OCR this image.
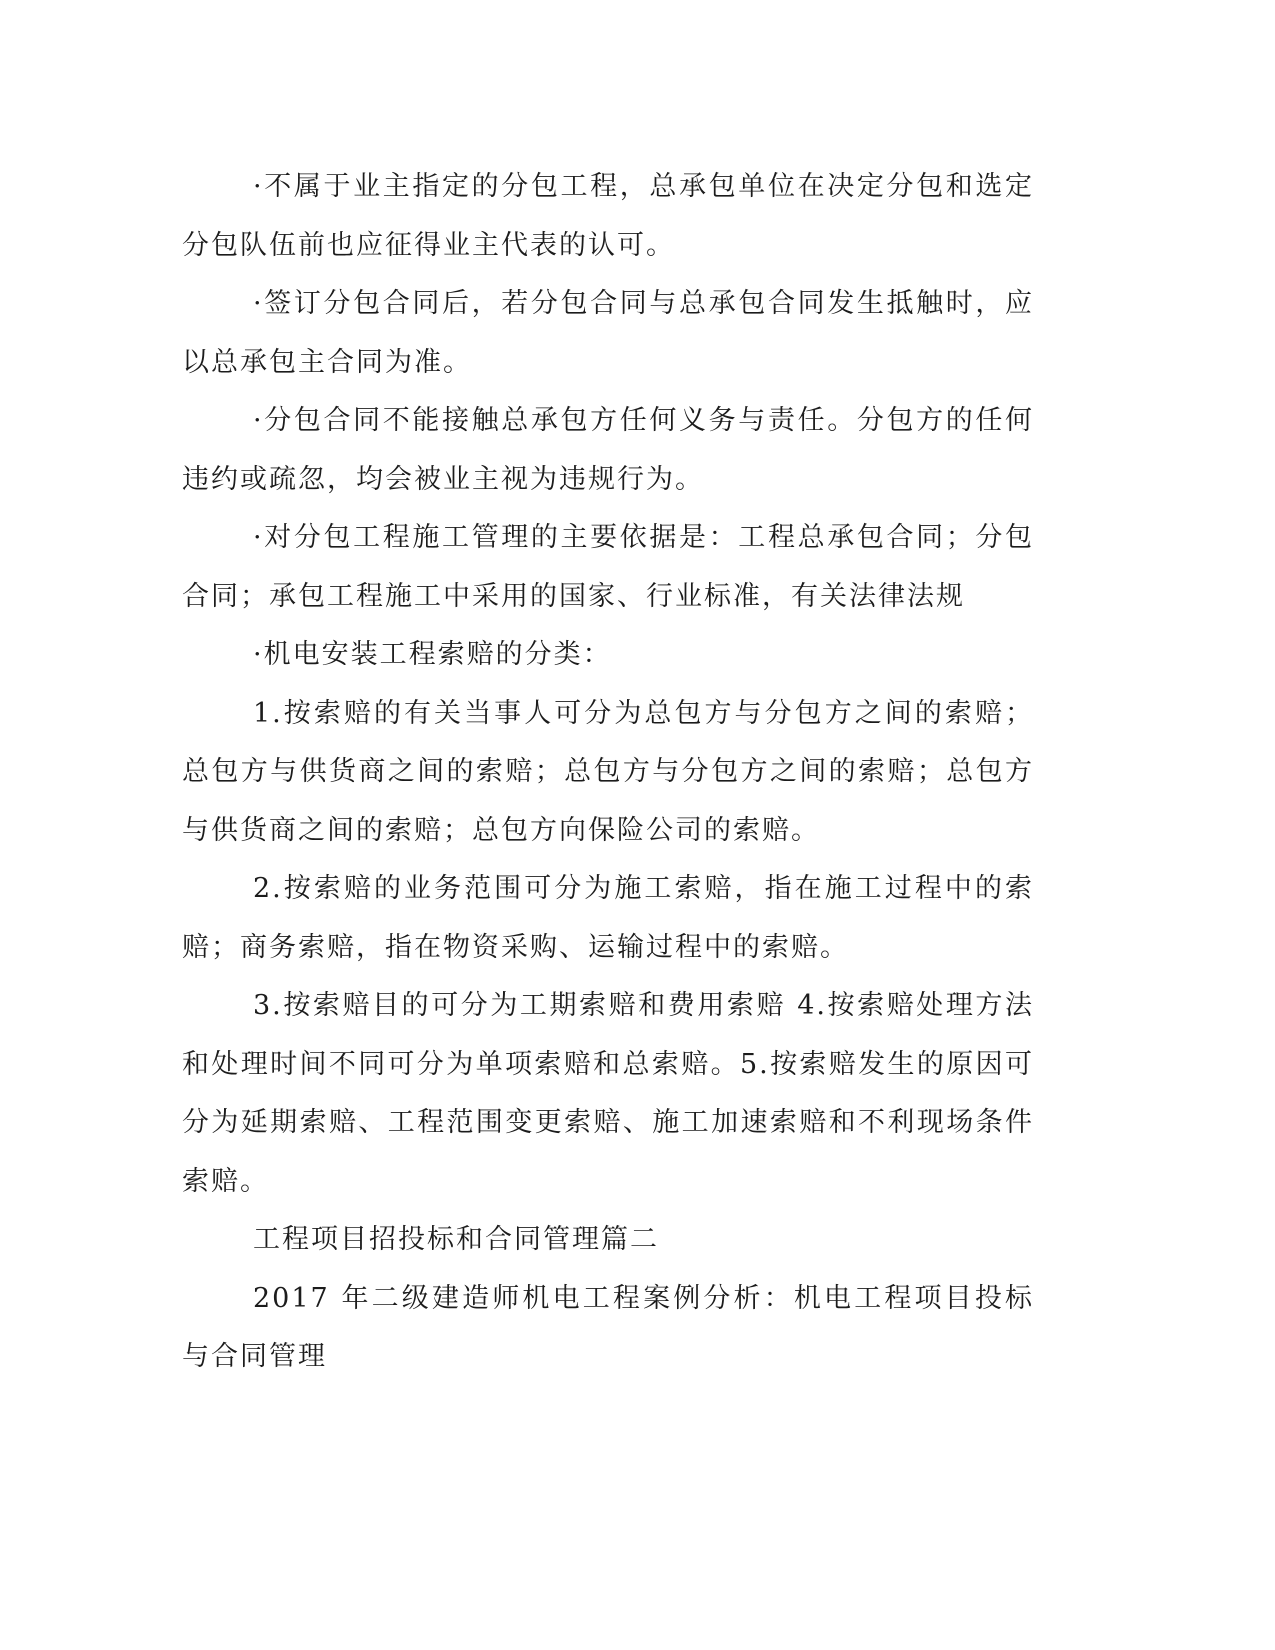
·不属于业主指定的分包工程，总承包单位在决定分包和选定分包队伍前也应征得业主代表的认可。

·签订分包合同后，若分包合同与总承包合同发生抵触时，应以总承包主合同为准。

·分包合同不能接触总承包方任何义务与责任。分包方的任何违约或疏忽，均会被业主视为违规行为。

·对分包工程施工管理的主要依据是：工程总承包合同；分包合同；承包工程施工中采用的国家、行业标准，有关法律法规

·机电安装工程索赔的分类：

1.按索赔的有关当事人可分为总包方与分包方之间的索赔；总包方与供货商之间的索赔；总包方与分包方之间的索赔；总包方与供货商之间的索赔；总包方向保险公司的索赔。

2.按索赔的业务范围可分为施工索赔，指在施工过程中的索赔；商务索赔，指在物资采购、运输过程中的索赔。

3.按索赔目的可分为工期索赔和费用索赔 4.按索赔处理方法和处理时间不同可分为单项索赔和总索赔。5.按索赔发生的原因可分为延期索赔、工程范围变更索赔、施工加速索赔和不利现场条件索赔。

工程项目招投标和合同管理篇二

2017 年二级建造师机电工程案例分析：机电工程项目投标与合同管理
